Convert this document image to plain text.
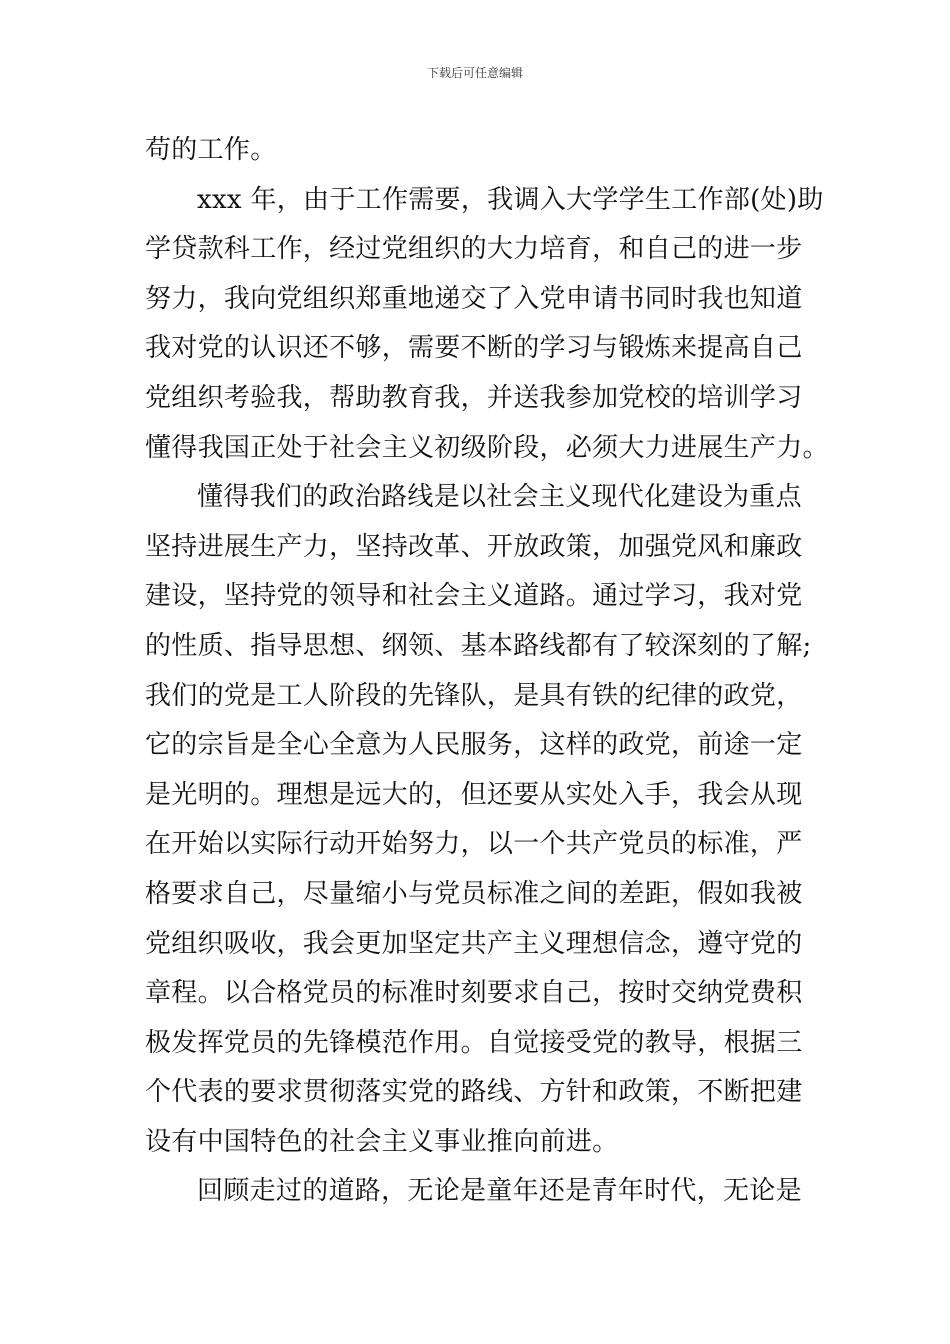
下载后可任意编辑
苟的工作。
xxx 年，由于工作需要，我调入大学学生工作部(处)助
学贷款科工作，经过党组织的大力培育，和自己的进一步
努力，我向党组织郑重地递交了入党申请书同时我也知道
我对党的认识还不够，需要不断的学习与锻炼来提高自己
党组织考验我，帮助教育我，并送我参加党校的培训学习
懂得我国正处于社会主义初级阶段，必须大力进展生产力。
懂得我们的政治路线是以社会主义现代化建设为重点
坚持进展生产力，坚持改革、开放政策，加强党风和廉政
建设，坚持党的领导和社会主义道路。通过学习，我对党
的性质、指导思想、纲领、基本路线都有了较深刻的了解;
我们的党是工人阶段的先锋队，是具有铁的纪律的政党，
它的宗旨是全心全意为人民服务，这样的政党，前途一定
是光明的。理想是远大的，但还要从实处入手，我会从现
在开始以实际行动开始努力，以一个共产党员的标准，严
格要求自己，尽量缩小与党员标准之间的差距，假如我被
党组织吸收，我会更加坚定共产主义理想信念，遵守党的
章程。以合格党员的标准时刻要求自己，按时交纳党费积
极发挥党员的先锋模范作用。自觉接受党的教导，根据三
个代表的要求贯彻落实党的路线、方针和政策，不断把建
设有中国特色的社会主义事业推向前进。
回顾走过的道路，无论是童年还是青年时代，无论是
